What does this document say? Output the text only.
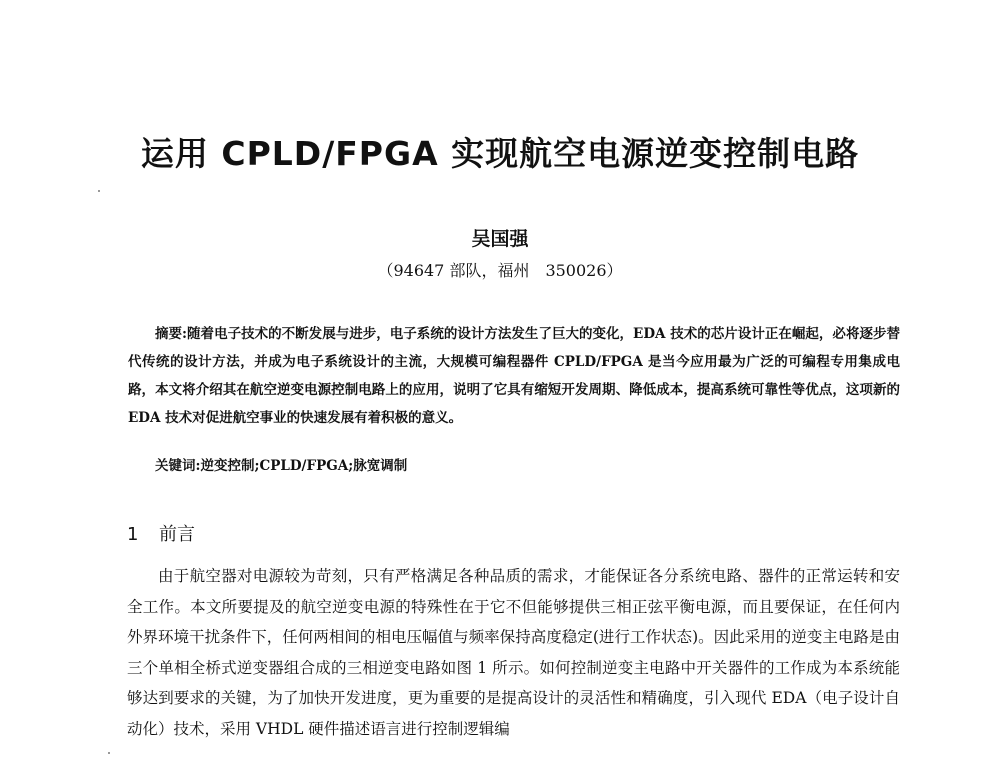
运用 CPLD/FPGA 实现航空电源逆变控制电路
吴国强
（94647 部队，福州　350026）
摘要:随着电子技术的不断发展与进步，电子系统的设计方法发生了巨大的变化，EDA 技术的芯片设计正在崛起，必将逐步替代传统的设计方法，并成为电子系统设计的主流，大规模可编程器件 CPLD/FPGA 是当今应用最为广泛的可编程专用集成电路，本文将介绍其在航空逆变电源控制电路上的应用，说明了它具有缩短开发周期、降低成本，提高系统可靠性等优点，这项新的 EDA 技术对促进航空事业的快速发展有着积极的意义。
关键词:逆变控制;CPLD/FPGA;脉宽调制
1 前言
由于航空器对电源较为苛刻，只有严格满足各种品质的需求，才能保证各分系统电路、器件的正常运转和安全工作。本文所要提及的航空逆变电源的特殊性在于它不但能够提供三相正弦平衡电源，而且要保证，在任何内外界环境干扰条件下，任何两相间的相电压幅值与频率保持高度稳定(进行工作状态)。因此采用的逆变主电路是由三个单相全桥式逆变器组合成的三相逆变电路如图 1 所示。如何控制逆变主电路中开关器件的工作成为本系统能够达到要求的关键，为了加快开发进度，更为重要的是提高设计的灵活性和精确度，引入现代 EDA（电子设计自动化）技术，采用 VHDL 硬件描述语言进行控制逻辑编
